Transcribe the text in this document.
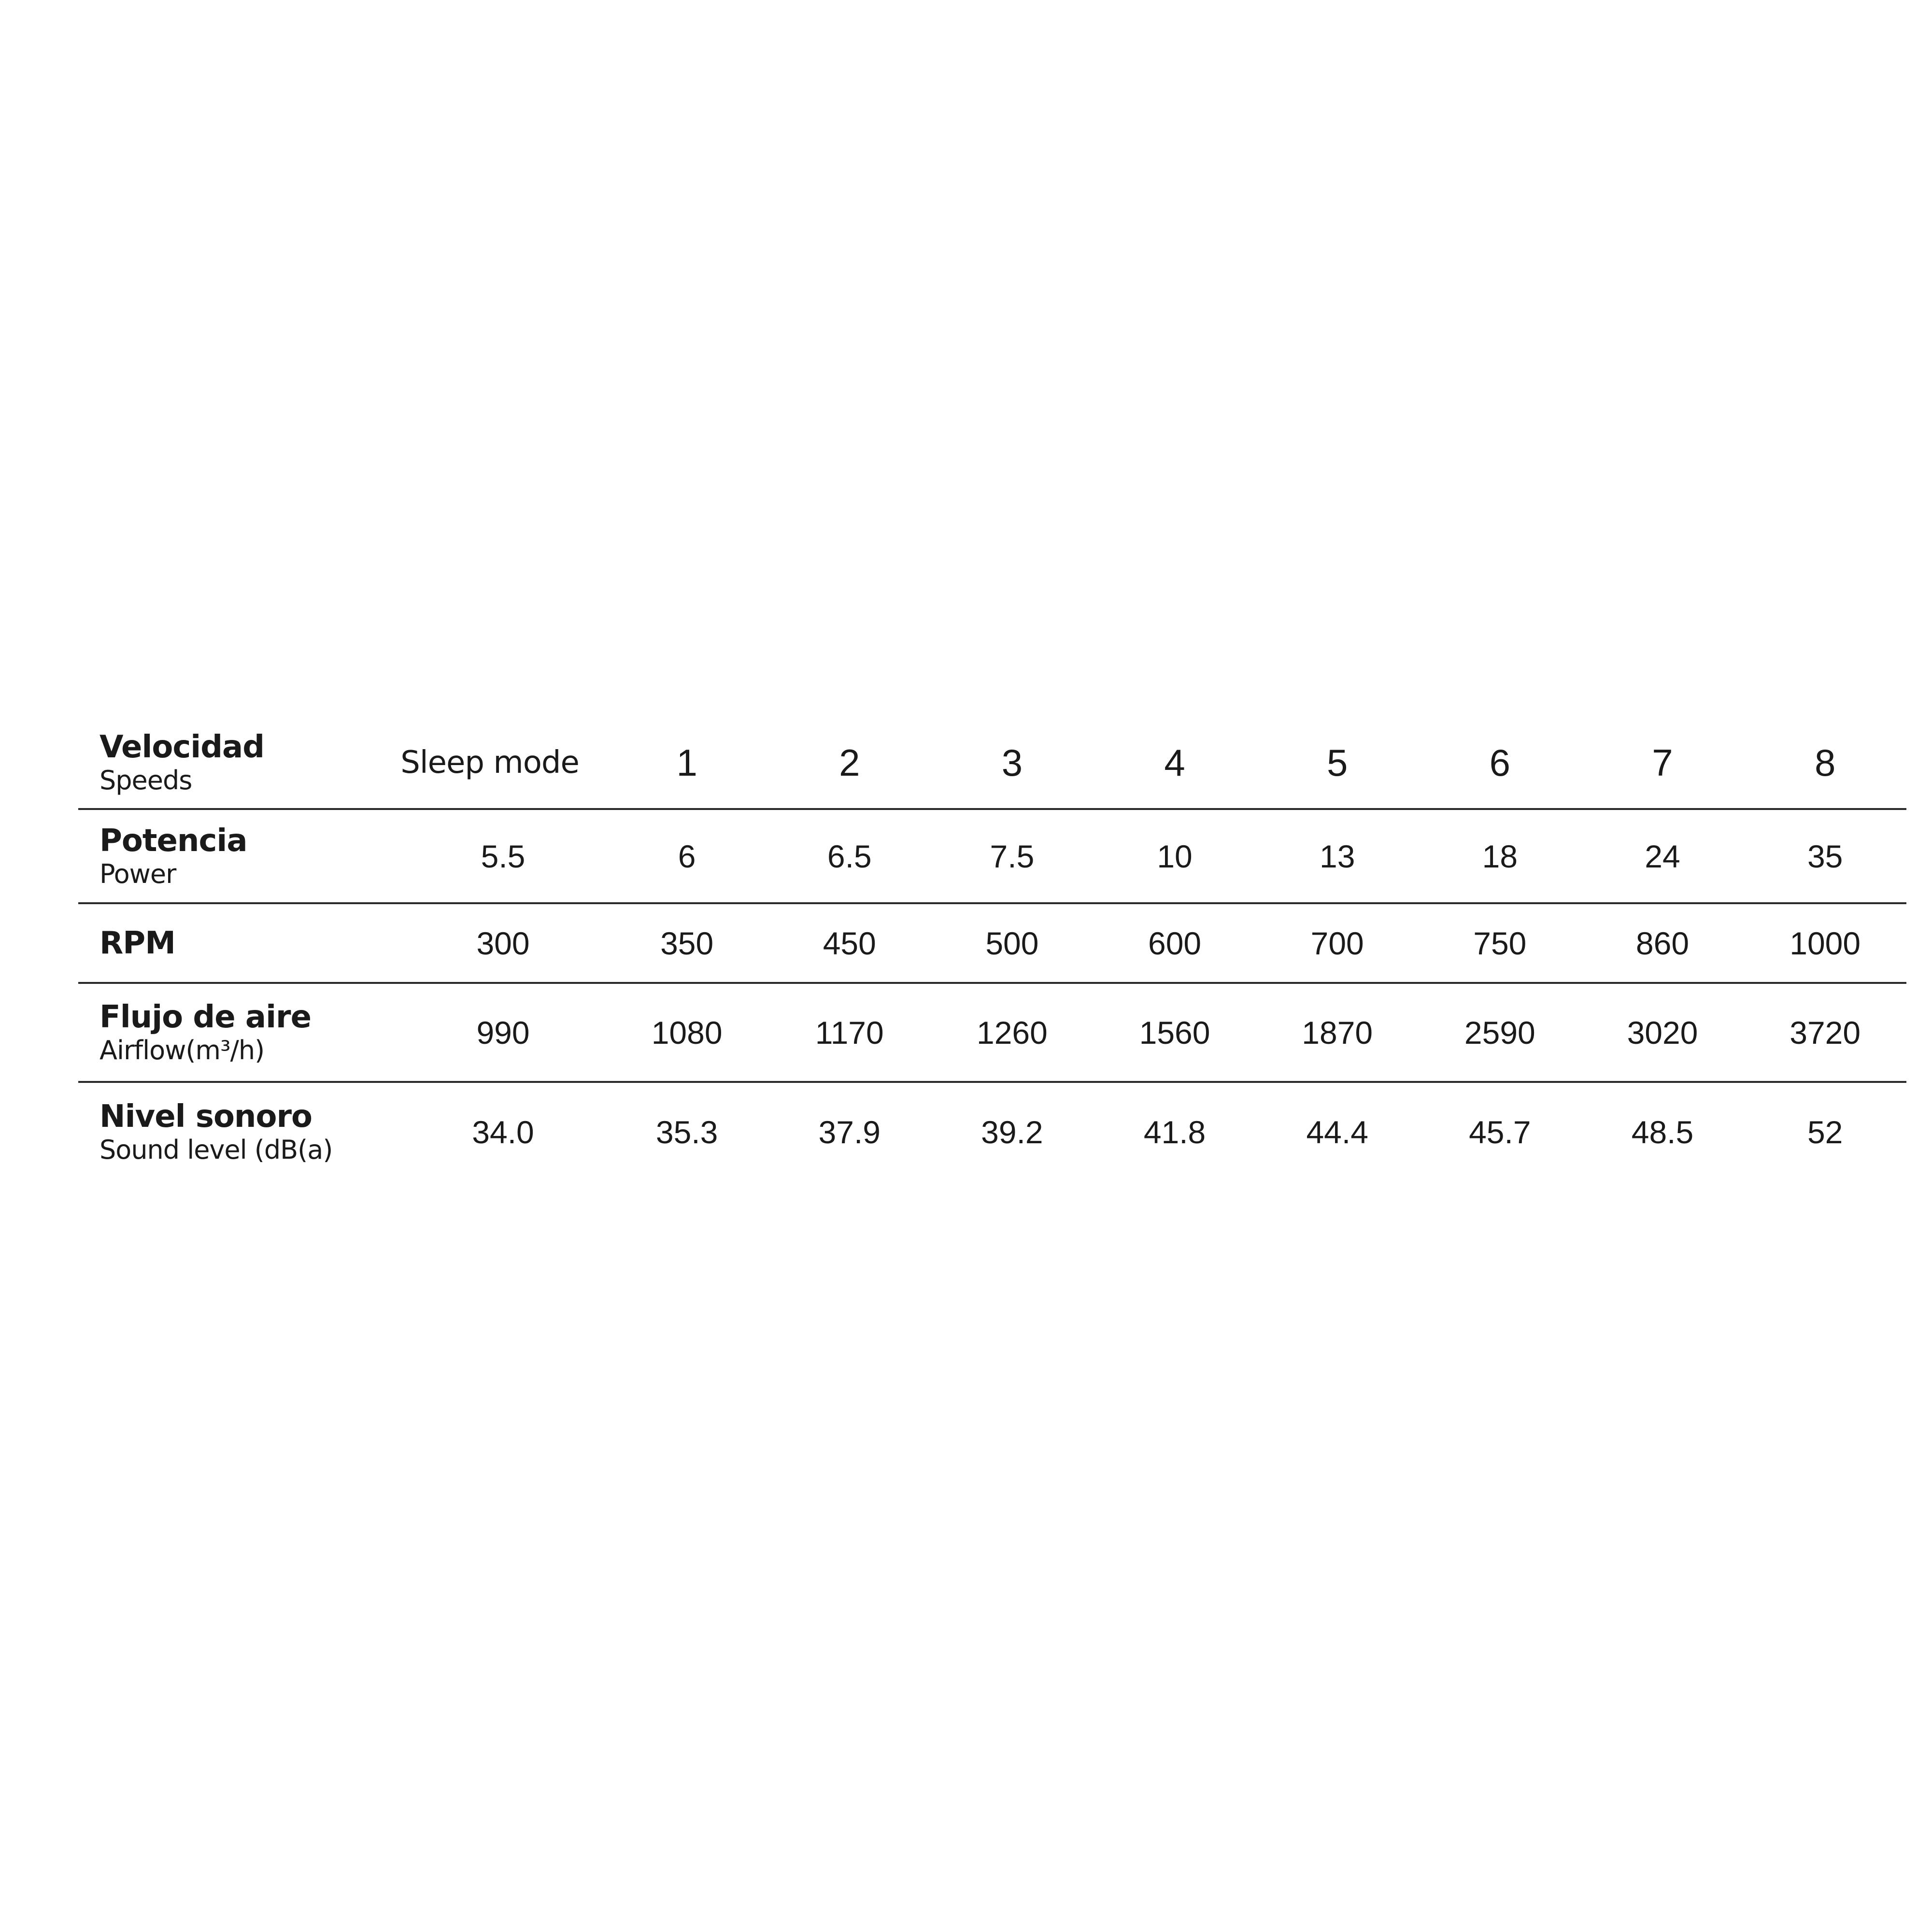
Velocidad
Speeds	Sleep mode	1	2	3	4	5	6	7	8

Potencia
Power	5.5	6	6.5	7.5	10	13	18	24	35

RPM	300	350	450	500	600	700	750	860	1000

Flujo de aire
Airflow(m³/h)	990	1080	1170	1260	1560	1870	2590	3020	3720

Nivel sonoro
Sound level (dB(a)	34.0	35.3	37.9	39.2	41.8	44.4	45.7	48.5	52
